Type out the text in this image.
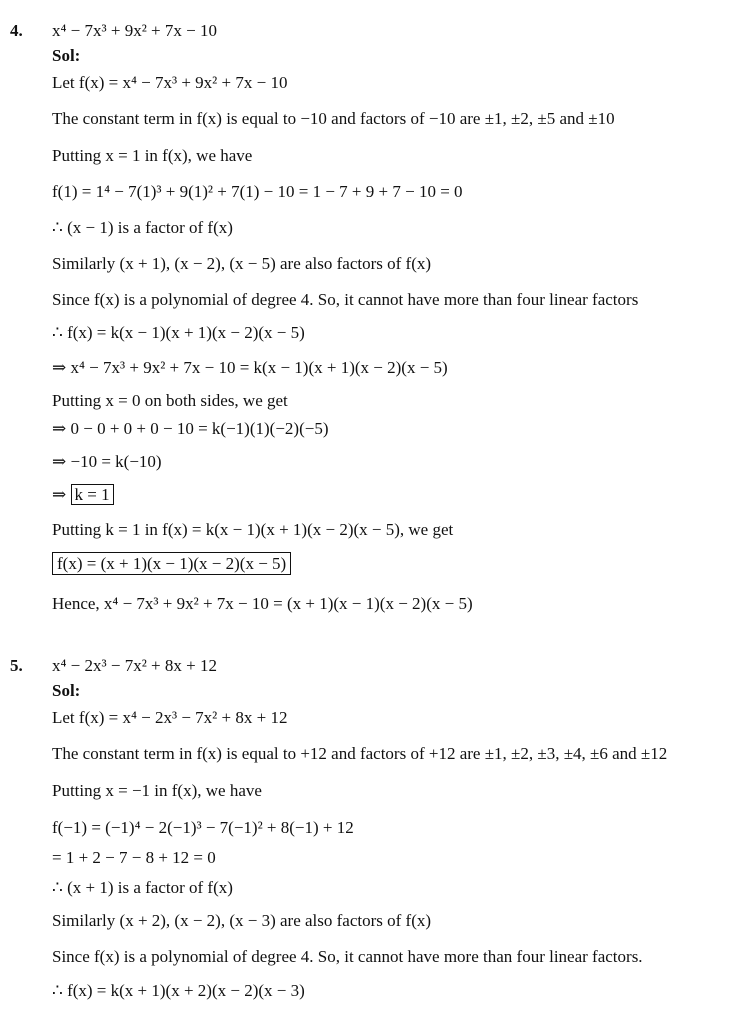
4. x⁴ − 7x³ + 9x² + 7x − 10
Sol:
Let f(x) = x⁴ − 7x³ + 9x² + 7x − 10
The constant term in f(x) is equal to −10 and factors of −10 are ±1, ±2, ±5 and ±10
Putting x = 1 in f(x), we have
f(1) = 1⁴ − 7(1)³ + 9(1)² + 7(1) − 10 = 1 − 7 + 9 + 7 − 10 = 0
∴ (x − 1) is a factor of f(x)
Similarly (x + 1), (x − 2), (x − 5) are also factors of f(x)
Since f(x) is a polynomial of degree 4. So, it cannot have more than four linear factors
∴ f(x) = k(x − 1)(x + 1)(x − 2)(x − 5)
⇒ x⁴ − 7x³ + 9x² + 7x − 10 = k(x − 1)(x + 1)(x − 2)(x − 5)
Putting x = 0 on both sides, we get
⇒ 0 − 0 + 0 + 0 − 10 = k(−1)(1)(−2)(−5)
⇒ −10 = k(−10)
⇒ k = 1
Putting k = 1 in f(x) = k(x − 1)(x + 1)(x − 2)(x − 5), we get
f(x) = (x + 1)(x − 1)(x − 2)(x − 5)
Hence, x⁴ − 7x³ + 9x² + 7x − 10 = (x + 1)(x − 1)(x − 2)(x − 5)
5. x⁴ − 2x³ − 7x² + 8x + 12
Sol:
Let f(x) = x⁴ − 2x³ − 7x² + 8x + 12
The constant term in f(x) is equal to +12 and factors of +12 are ±1, ±2, ±3, ±4, ±6 and ±12
Putting x = −1 in f(x), we have
f(−1) = (−1)⁴ − 2(−1)³ − 7(−1)² + 8(−1) + 12
= 1 + 2 − 7 − 8 + 12 = 0
∴ (x + 1) is a factor of f(x)
Similarly (x + 2), (x − 2), (x − 3) are also factors of f(x)
Since f(x) is a polynomial of degree 4. So, it cannot have more than four linear factors.
∴ f(x) = k(x + 1)(x + 2)(x − 2)(x − 3)
